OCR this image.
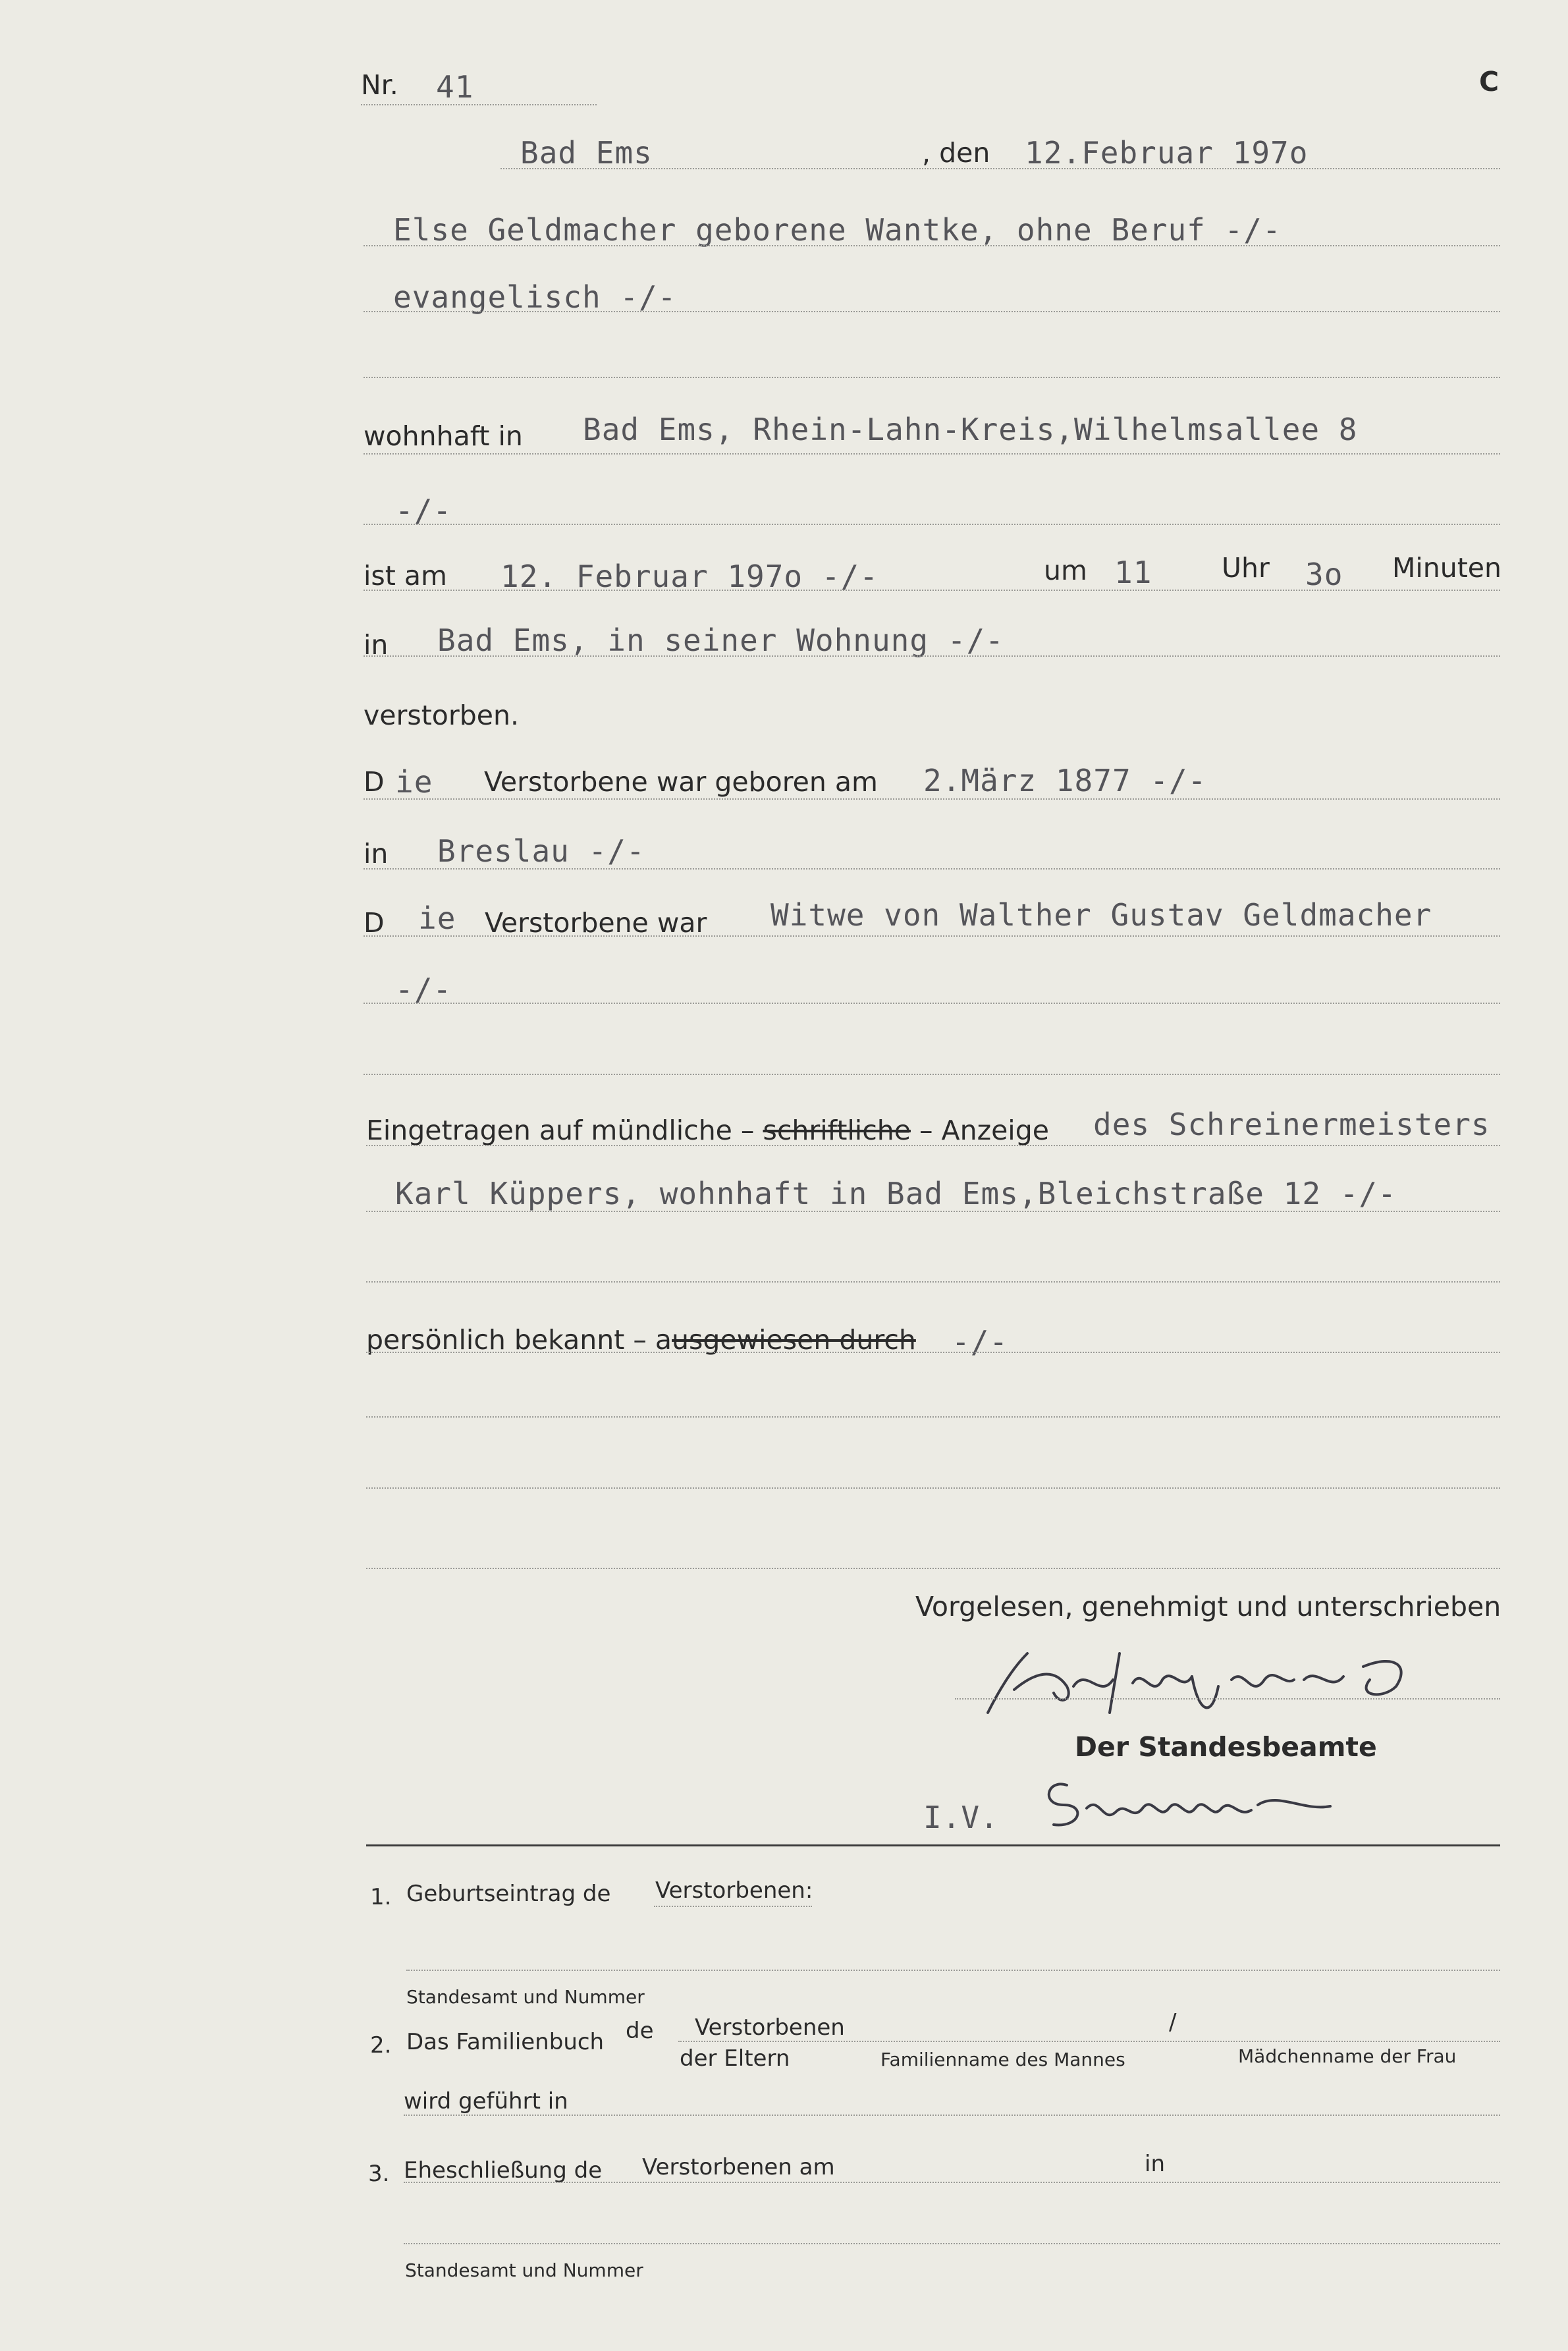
Nr. 41	C
Bad Ems	, den 12.Februar 197o
Else Geldmacher geborene Wantke, ohne Beruf -/-
evangelisch -/-
wohnhaft in Bad Ems, Rhein-Lahn-Kreis,Wilhelmsallee 8
-/-
ist am 12. Februar 197o -/-	um 11	Uhr 3o Minuten
in Bad Ems, in seiner Wohnung -/-
verstorben.
D ie Verstorbene war geboren am 2.März 1877 -/-
in Breslau -/-
D ie Verstorbene war Witwe von Walther Gustav Geldmacher
-/-
Eingetragen auf mündliche – schriftliche – Anzeige des Schreinermeisters
Karl Küppers, wohnhaft in Bad Ems,Bleichstraße 12 -/-
persönlich bekannt – ausgewiesen durch -/-
Vorgelesen, genehmigt und unterschrieben
Der Standesbeamte
I.V.
1. Geburtseintrag de Verstorbenen:
Standesamt und Nummer
2. Das Familienbuch de Verstorbenen	/
der Eltern	Familienname des Mannes	Mädchenname der Frau
wird geführt in
3. Eheschließung de Verstorbenen am	in
Standesamt und Nummer
